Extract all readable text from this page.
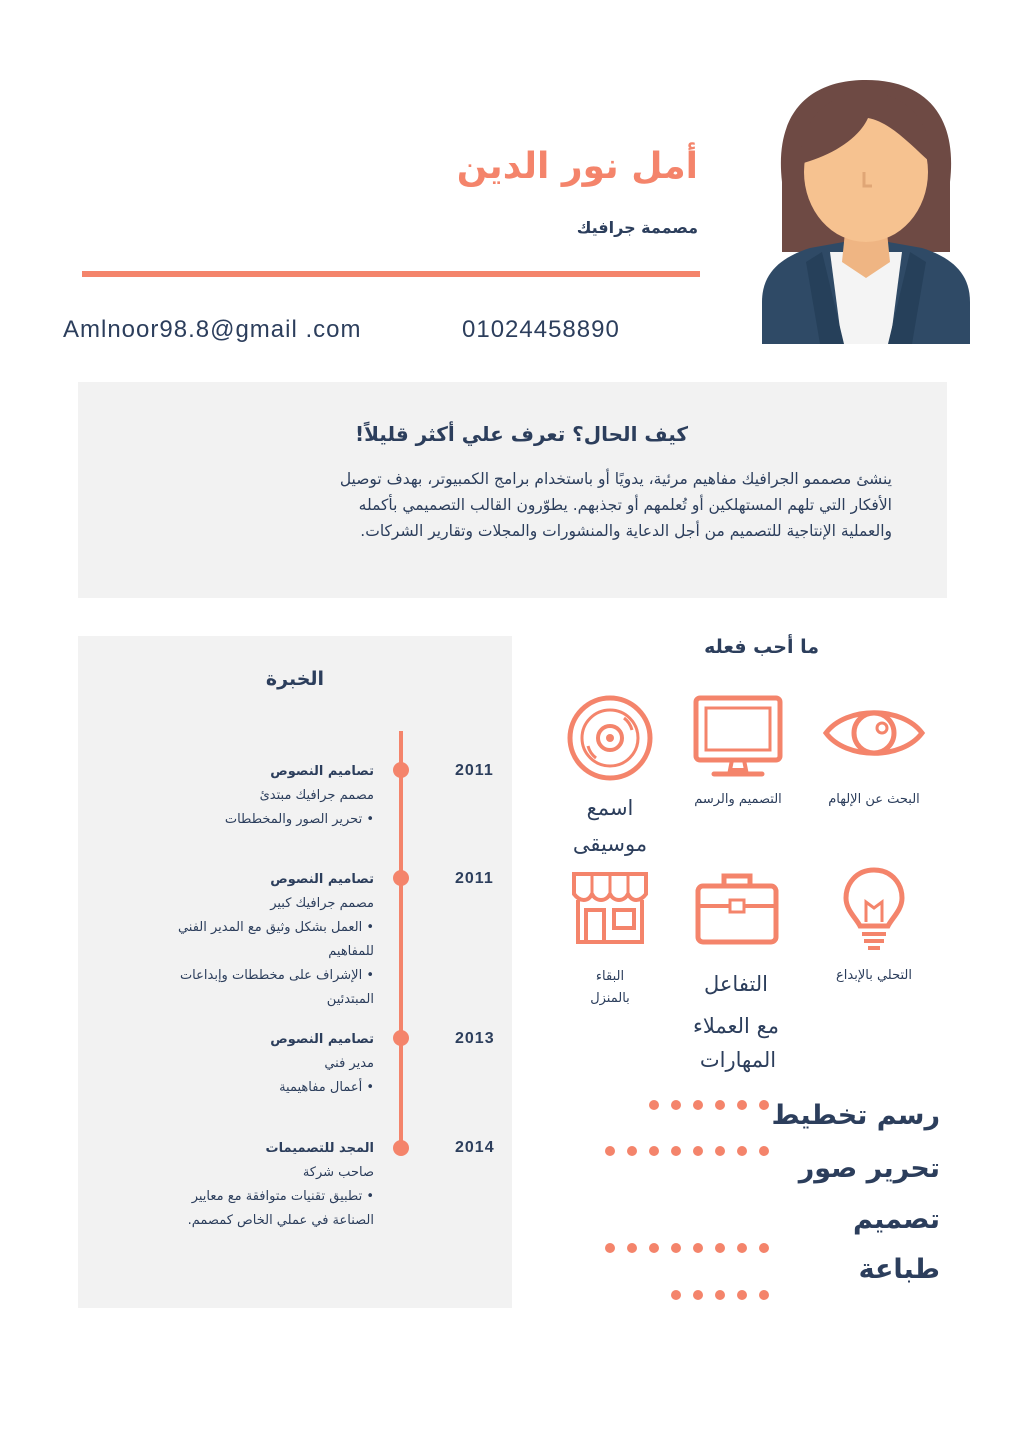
أمل نور الدين
مصممة جرافيك
Amlnoor98.8@gmail .com	01024458890
كيف الحال؟ تعرف علي أكثر قليلاً!
ينشئ مصممو الجرافيك مفاهيم مرئية، يدويًا أو باستخدام برامج الكمبيوتر، بهدف توصيل
الأفكار التي تلهم المستهلكين أو تُعلمهم أو تجذبهم. يطوّرون القالب التصميمي بأكمله
والعملية الإنتاجية للتصميم من أجل الدعاية والمنشورات والمجلات وتقارير الشركات.
الخبرة
2011
تصاميم النصوص
مصمم جرافيك مبتدئ
• تحرير الصور والمخططات
2011
تصاميم النصوص
مصمم جرافيك كبير
• العمل بشكل وثيق مع المدير الفني
للمفاهيم
• الإشراف على مخططات وإبداعات
المبتدئين
2013
تصاميم النصوص
مدير فني
• أعمال مفاهيمية
2014
المجد للتصميمات
صاحب شركة
• تطبيق تقنيات متوافقة مع معايير
الصناعة في عملي الخاص كمصمم.
ما أحب فعله
البحث عن الإلهام
التصميم والرسم
اسمع
موسيقى
التحلي بالإبداع
التفاعل
مع العملاء
المهارات
البقاء
بالمنزل
رسم تخطيط
تحرير صور
تصميم
طباعة
